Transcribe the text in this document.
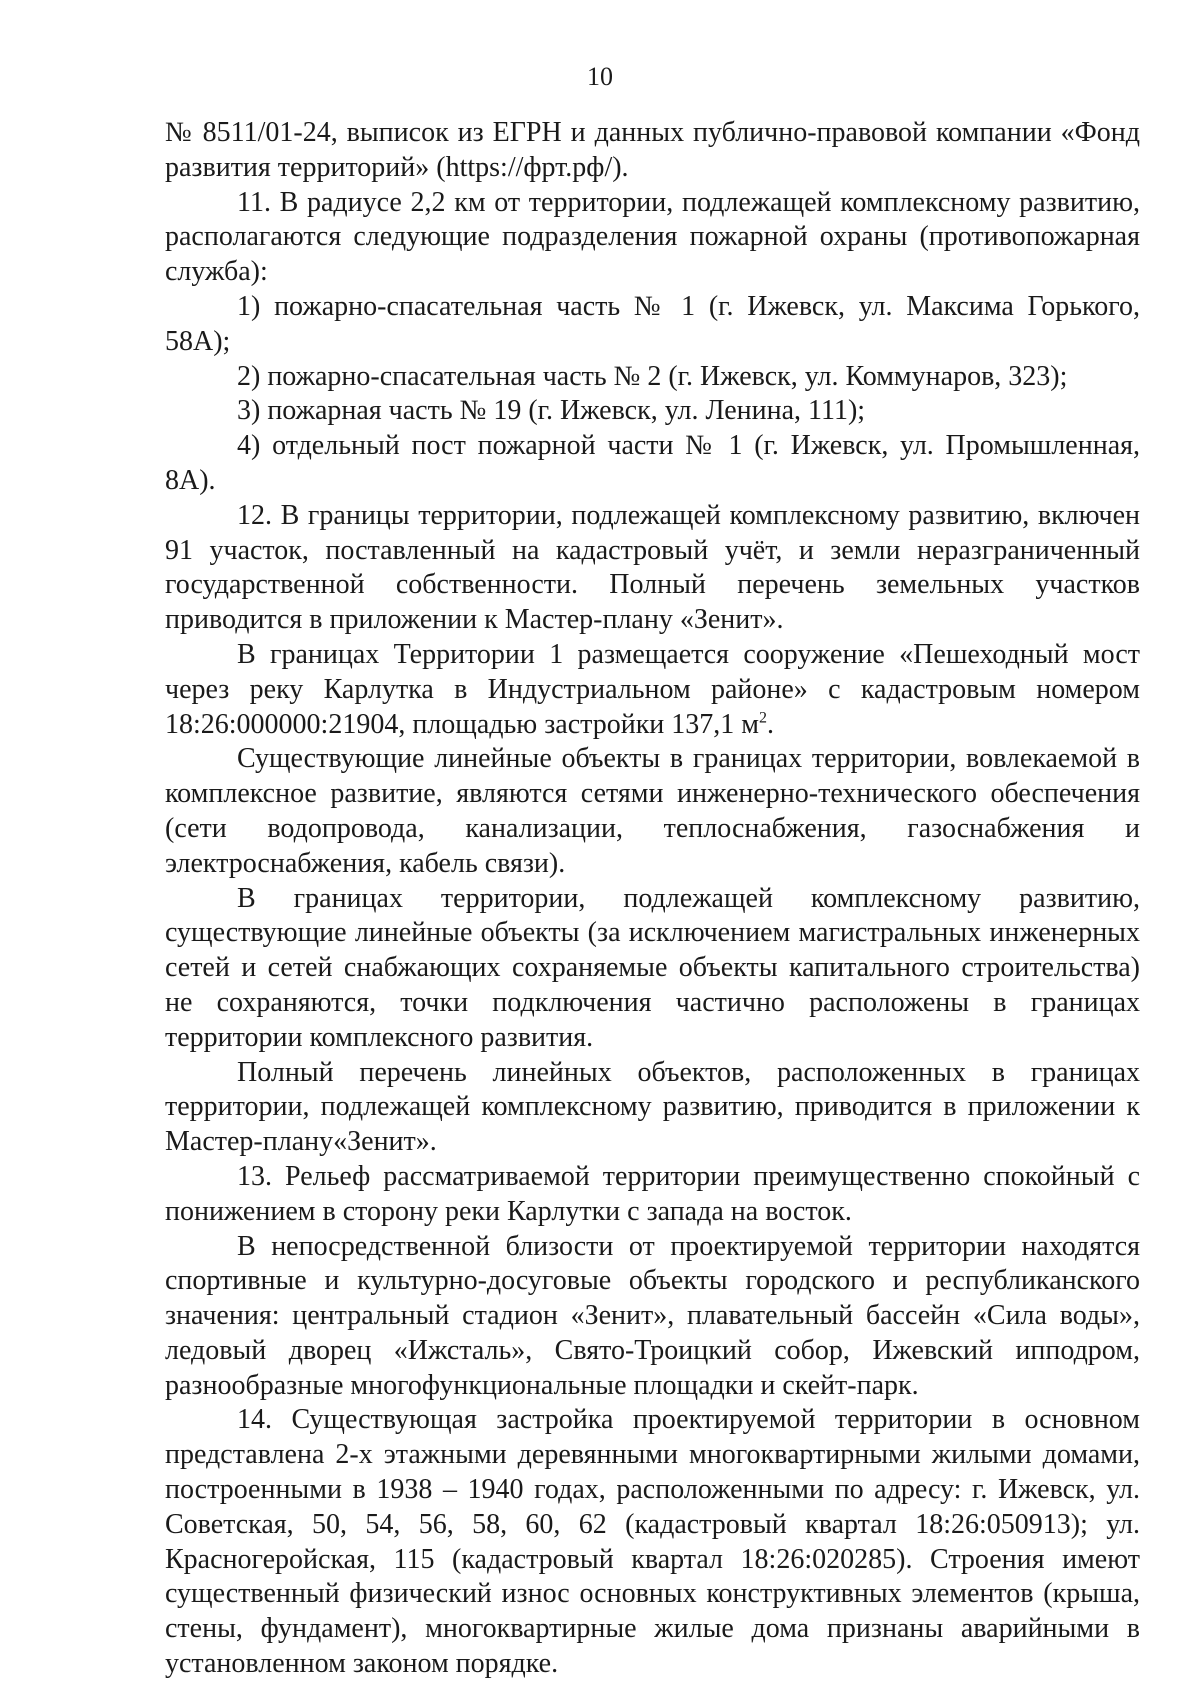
10

№ 8511/01-24, выписок из ЕГРН и данных публично-правовой компании «Фонд развития территорий» (https://фрт.рф/).

11. В радиусе 2,2 км от территории, подлежащей комплексному развитию, располагаются следующие подразделения пожарной охраны (противопожарная служба):

1) пожарно-спасательная часть № 1 (г. Ижевск, ул. Максима Горького, 58А);

2) пожарно-спасательная часть № 2 (г. Ижевск, ул. Коммунаров, 323);

3) пожарная часть № 19 (г. Ижевск, ул. Ленина, 111);

4) отдельный пост пожарной части № 1 (г. Ижевск, ул. Промышленная, 8А).

12. В границы территории, подлежащей комплексному развитию, включен 91 участок, поставленный на кадастровый учёт, и земли неразграниченный государственной собственности. Полный перечень земельных участков приводится в приложении к Мастер-плану «Зенит».

В границах Территории 1 размещается сооружение «Пешеходный мост через реку Карлутка в Индустриальном районе» с кадастровым номером 18:26:000000:21904, площадью застройки 137,1 $м^2$.

Существующие линейные объекты в границах территории, вовлекаемой в комплексное развитие, являются сетями инженерно-технического обеспечения (сети водопровода, канализации, теплоснабжения, газоснабжения и электроснабжения, кабель связи).

В границах территории, подлежащей комплексному развитию, существующие линейные объекты (за исключением магистральных инженерных сетей и сетей снабжающих сохраняемые объекты капитального строительства) не сохраняются, точки подключения частично расположены в границах территории комплексного развития.

Полный перечень линейных объектов, расположенных в границах территории, подлежащей комплексному развитию, приводится в приложении к Мастер-плану«Зенит».

13. Рельеф рассматриваемой территории преимущественно спокойный с понижением в сторону реки Карлутки с запада на восток.

В непосредственной близости от проектируемой территории находятся спортивные и культурно-досуговые объекты городского и республиканского значения: центральный стадион «Зенит», плавательный бассейн «Сила воды», ледовый дворец «Ижсталь», Свято-Троицкий собор, Ижевский ипподром, разнообразные многофункциональные площадки и скейт-парк.

14. Существующая застройка проектируемой территории в основном представлена 2-х этажными деревянными многоквартирными жилыми домами, построенными в 1938 – 1940 годах, расположенными по адресу: г. Ижевск, ул. Советская, 50, 54, 56, 58, 60, 62 (кадастровый квартал 18:26:050913); ул. Красногеройская, 115 (кадастровый квартал 18:26:020285). Строения имеют существенный физический износ основных конструктивных элементов (крыша, стены, фундамент), многоквартирные жилые дома признаны аварийными в установленном законом порядке.
